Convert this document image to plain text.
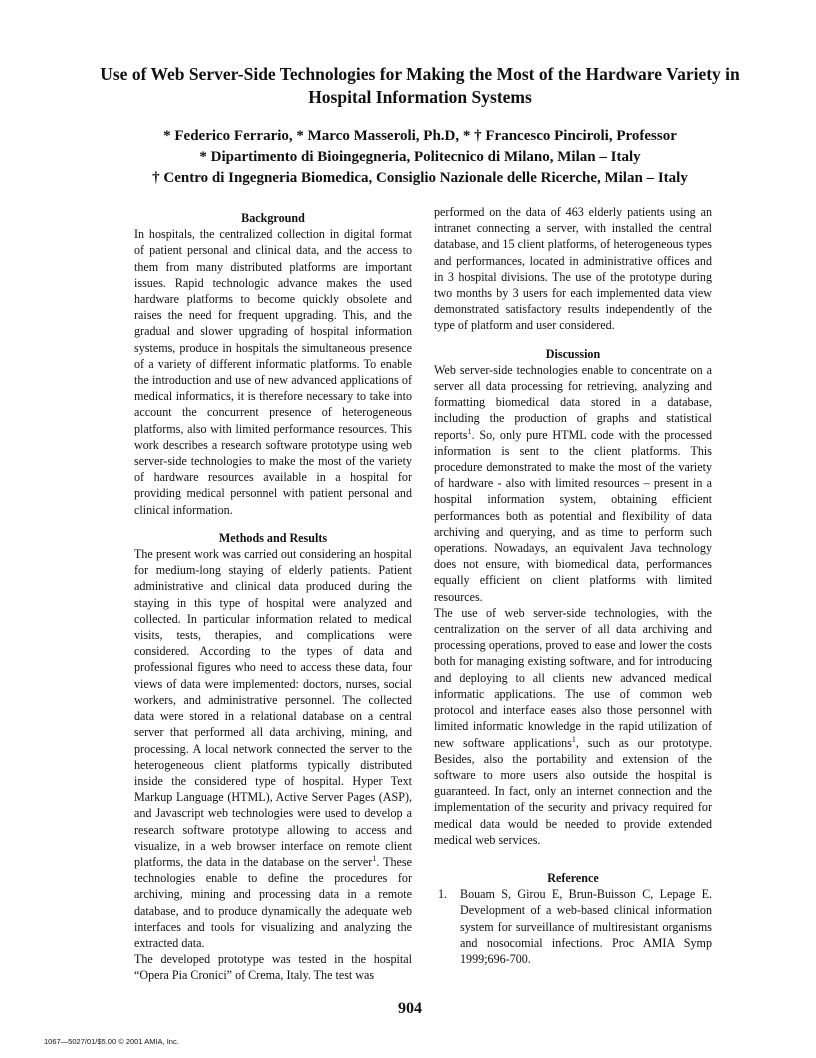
Use of Web Server-Side Technologies for Making the Most of the Hardware Variety in Hospital Information Systems
* Federico Ferrario, * Marco Masseroli, Ph.D, * † Francesco Pinciroli, Professor
* Dipartimento di Bioingegneria, Politecnico di Milano, Milan – Italy
† Centro di Ingegneria Biomedica, Consiglio Nazionale delle Ricerche, Milan – Italy

Background

In hospitals, the centralized collection in digital format of patient personal and clinical data, and the access to them from many distributed platforms are important issues. Rapid technologic advance makes the used hardware platforms to become quickly obsolete and raises the need for frequent upgrading. This, and the gradual and slower upgrading of hospital information systems, produce in hospitals the simultaneous presence of a variety of different informatic platforms. To enable the introduction and use of new advanced applications of medical informatics, it is therefore necessary to take into account the concurrent presence of heterogeneous platforms, also with limited performance resources. This work describes a research software prototype using web server-side technologies to make the most of the variety of hardware resources available in a hospital for providing medical personnel with patient personal and clinical information.

Methods and Results

The present work was carried out considering an hospital for medium-long staying of elderly patients. Patient administrative and clinical data produced during the staying in this type of hospital were analyzed and collected. In particular information related to medical visits, tests, therapies, and complications were considered. According to the types of data and professional figures who need to access these data, four views of data were implemented: doctors, nurses, social workers, and administrative personnel. The collected data were stored in a relational database on a central server that performed all data archiving, mining, and processing. A local network connected the server to the heterogeneous client platforms typically distributed inside the considered type of hospital. Hyper Text Markup Language (HTML), Active Server Pages (ASP), and Javascript web technologies were used to develop a research software prototype allowing to access and visualize, in a web browser interface on remote client platforms, the data in the database on the server$^1$. These technologies enable to define the procedures for archiving, mining and processing data in a remote database, and to produce dynamically the adequate web interfaces and tools for visualizing and analyzing the extracted data.

The developed prototype was tested in the hospital “Opera Pia Cronici” of Crema, Italy. The test was

performed on the data of 463 elderly patients using an intranet connecting a server, with installed the central database, and 15 client platforms, of heterogeneous types and performances, located in administrative offices and in 3 hospital divisions. The use of the prototype during two months by 3 users for each implemented data view demonstrated satisfactory results independently of the type of platform and user considered.

Discussion

Web server-side technologies enable to concentrate on a server all data processing for retrieving, analyzing and formatting biomedical data stored in a database, including the production of graphs and statistical reports$^1$. So, only pure HTML code with the processed information is sent to the client platforms. This procedure demonstrated to make the most of the variety of hardware - also with limited resources – present in a hospital information system, obtaining efficient performances both as potential and flexibility of data archiving and querying, and as time to perform such operations. Nowadays, an equivalent Java technology does not ensure, with biomedical data, performances equally efficient on client platforms with limited resources.

The use of web server-side technologies, with the centralization on the server of all data archiving and processing operations, proved to ease and lower the costs both for managing existing software, and for introducing and deploying to all clients new advanced medical informatic applications. The use of common web protocol and interface eases also those personnel with limited informatic knowledge in the rapid utilization of new software applications$^1$, such as our prototype. Besides, also the portability and extension of the software to more users also outside the hospital is guaranteed. In fact, only an internet connection and the implementation of the security and privacy required for medical data would be needed to provide extended medical web services.

Reference

1.	Bouam S, Girou E, Brun-Buisson C, Lepage E. Development of a web-based clinical information system for surveillance of multiresistant organisms and nosocomial infections. Proc AMIA Symp 1999;696-700.
904
1067—5027/01/$5.00 © 2001 AMIA, Inc.
